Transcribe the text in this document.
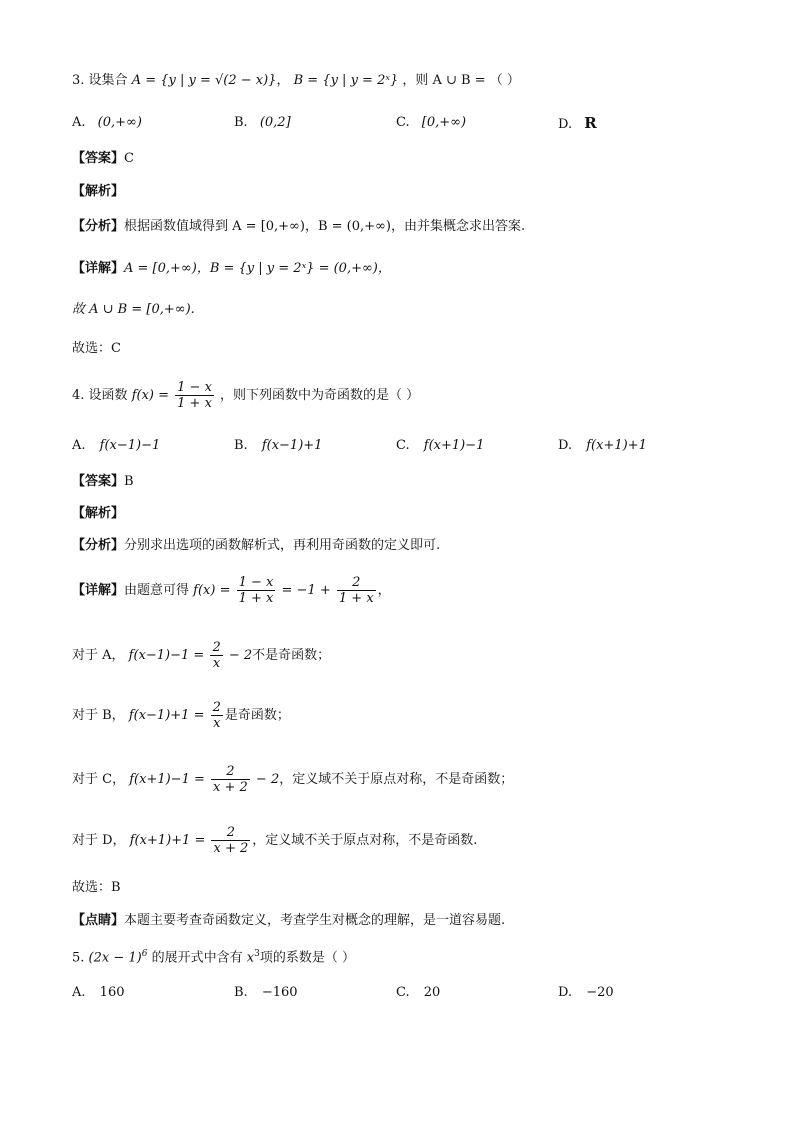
3. 设集合 A = {y | y = √(2 − x)}， B = {y | y = 2ˣ} ，则 A ∪ B = （ ）
A. (0,+∞)	B. (0,2]	C. [0,+∞)	D. R
【答案】C
【解析】
【分析】根据函数值域得到 A = [0,+∞)，B = (0,+∞)，由并集概念求出答案.
【详解】A = [0,+∞)，B = {y | y = 2ˣ} = (0,+∞)，
故 A ∪ B = [0,+∞).
故选：C
4. 设函数 $f(x) = \frac{1 - x}{1 + x}$ ，则下列函数中为奇函数的是（ ）
A. f(x−1)−1	B. f(x−1)+1	C. f(x+1)−1	D. f(x+1)+1
【答案】B
【解析】
【分析】分别求出选项的函数解析式，再利用奇函数的定义即可.
【详解】由题意可得 $f(x) = \frac{1 - x}{1 + x} = -1 + \frac{2}{1 + x}$ ，
对于 A， $f(x-1)-1 = \frac{2}{x} - 2$不是奇函数；
对于 B， $f(x-1)+1 = \frac{2}{x}$ 是奇函数；
对于 C， $f(x+1)-1 = \frac{2}{x + 2} - 2$，定义域不关于原点对称，不是奇函数；
对于 D， $f(x+1)+1 = \frac{2}{x + 2}$ ，定义域不关于原点对称，不是奇函数.
故选：B
【点睛】本题主要考查奇函数定义，考查学生对概念的理解，是一道容易题.
5. $(2x - 1)^6$ 的展开式中含有 $x^3$项的系数是（ ）
A. 160	B. −160	C. 20	D. −20
